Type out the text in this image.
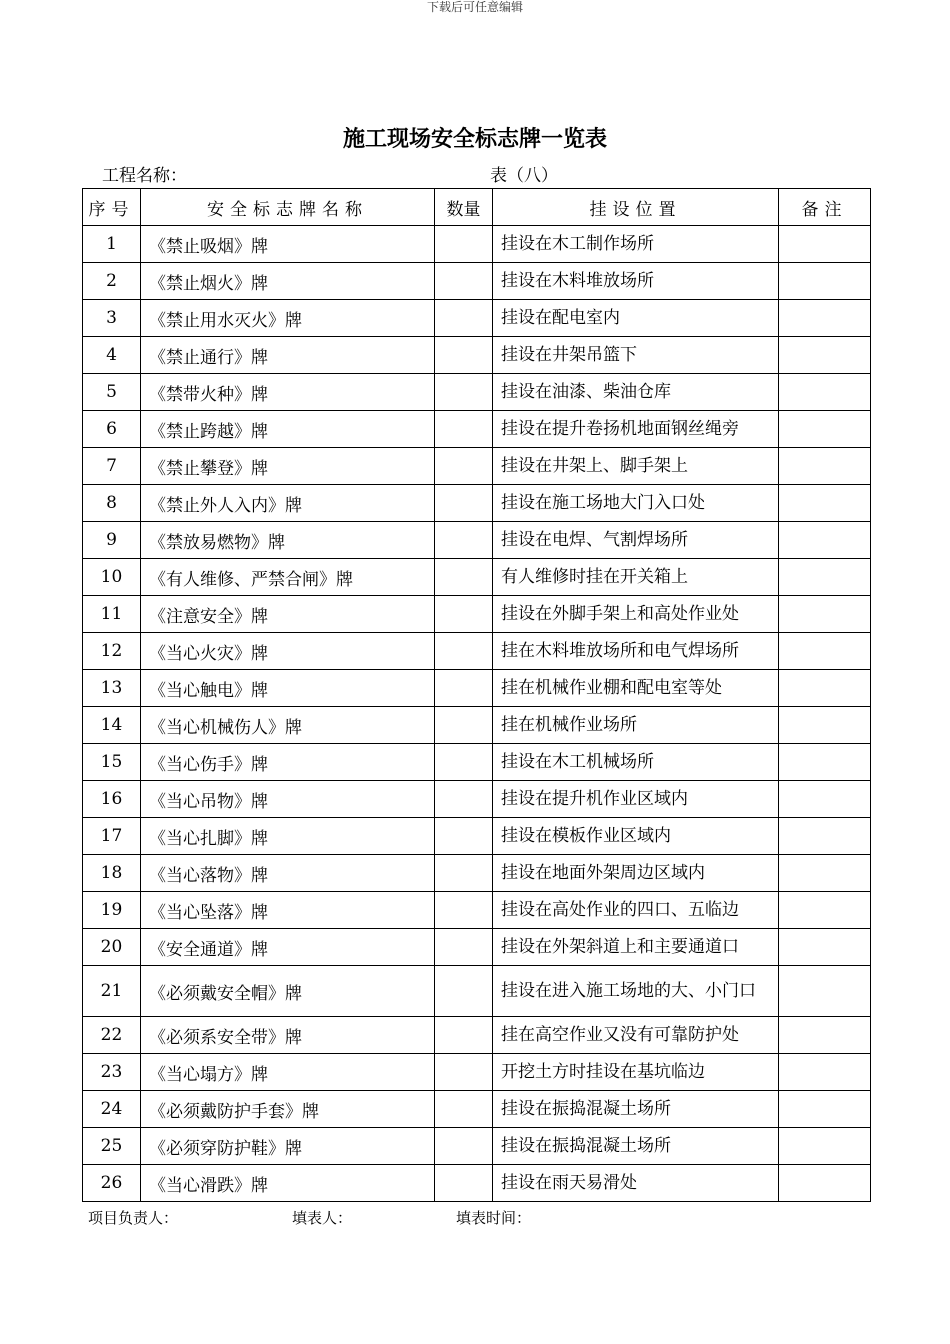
下载后可任意编辑
施工现场安全标志牌一览表
工程名称：	表（八）
序号	安全标志牌名称	数量	挂设位置	备注
1	《禁止吸烟》牌		挂设在木工制作场所	
2	《禁止烟火》牌		挂设在木料堆放场所	
3	《禁止用水灭火》牌		挂设在配电室内	
4	《禁止通行》牌		挂设在井架吊篮下	
5	《禁带火种》牌		挂设在油漆、柴油仓库	
6	《禁止跨越》牌		挂设在提升卷扬机地面钢丝绳旁	
7	《禁止攀登》牌		挂设在井架上、脚手架上	
8	《禁止外人入内》牌		挂设在施工场地大门入口处	
9	《禁放易燃物》牌		挂设在电焊、气割焊场所	
10	《有人维修、严禁合闸》牌		有人维修时挂在开关箱上	
11	《注意安全》牌		挂设在外脚手架上和高处作业处	
12	《当心火灾》牌		挂在木料堆放场所和电气焊场所	
13	《当心触电》牌		挂在机械作业棚和配电室等处	
14	《当心机械伤人》牌		挂在机械作业场所	
15	《当心伤手》牌		挂设在木工机械场所	
16	《当心吊物》牌		挂设在提升机作业区域内	
17	《当心扎脚》牌		挂设在模板作业区域内	
18	《当心落物》牌		挂设在地面外架周边区域内	
19	《当心坠落》牌		挂设在高处作业的四口、五临边	
20	《安全通道》牌		挂设在外架斜道上和主要通道口	
21	《必须戴安全帽》牌		挂设在进入施工场地的大、小门口	
22	《必须系安全带》牌		挂在高空作业又没有可靠防护处	
23	《当心塌方》牌		开挖土方时挂设在基坑临边	
24	《必须戴防护手套》牌		挂设在振捣混凝土场所	
25	《必须穿防护鞋》牌		挂设在振捣混凝土场所	
26	《当心滑跌》牌		挂设在雨天易滑处	
项目负责人：	填表人：	填表时间：
